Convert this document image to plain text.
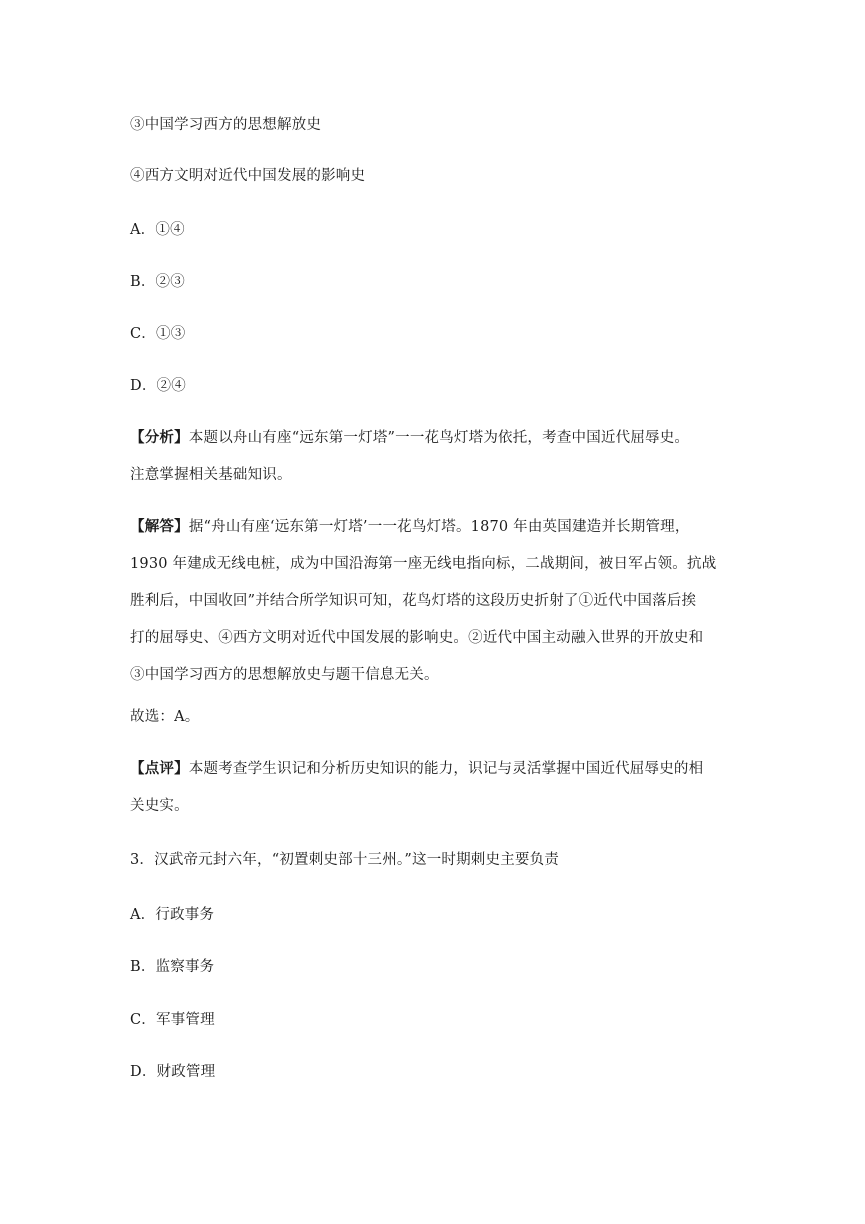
③中国学习西方的思想解放史
④西方文明对近代中国发展的影响史
A．①④
B．②③
C．①③
D．②④
【分析】本题以舟山有座“远东第一灯塔”一一花鸟灯塔为依托，考查中国近代屈辱史。
注意掌握相关基础知识。
【解答】据“舟山有座‘远东第一灯塔’一一花鸟灯塔。1870 年由英国建造并长期管理，
1930 年建成无线电桩，成为中国沿海第一座无线电指向标，二战期间，被日军占领。抗战
胜利后，中国收回”并结合所学知识可知，花鸟灯塔的这段历史折射了①近代中国落后挨
打的屈辱史、④西方文明对近代中国发展的影响史。②近代中国主动融入世界的开放史和
③中国学习西方的思想解放史与题干信息无关。
故选：A。
【点评】本题考查学生识记和分析历史知识的能力，识记与灵活掌握中国近代屈辱史的相
关史实。
3．汉武帝元封六年，“初置刺史部十三州。”这一时期刺史主要负责
A．行政事务
B．监察事务
C．军事管理
D．财政管理
